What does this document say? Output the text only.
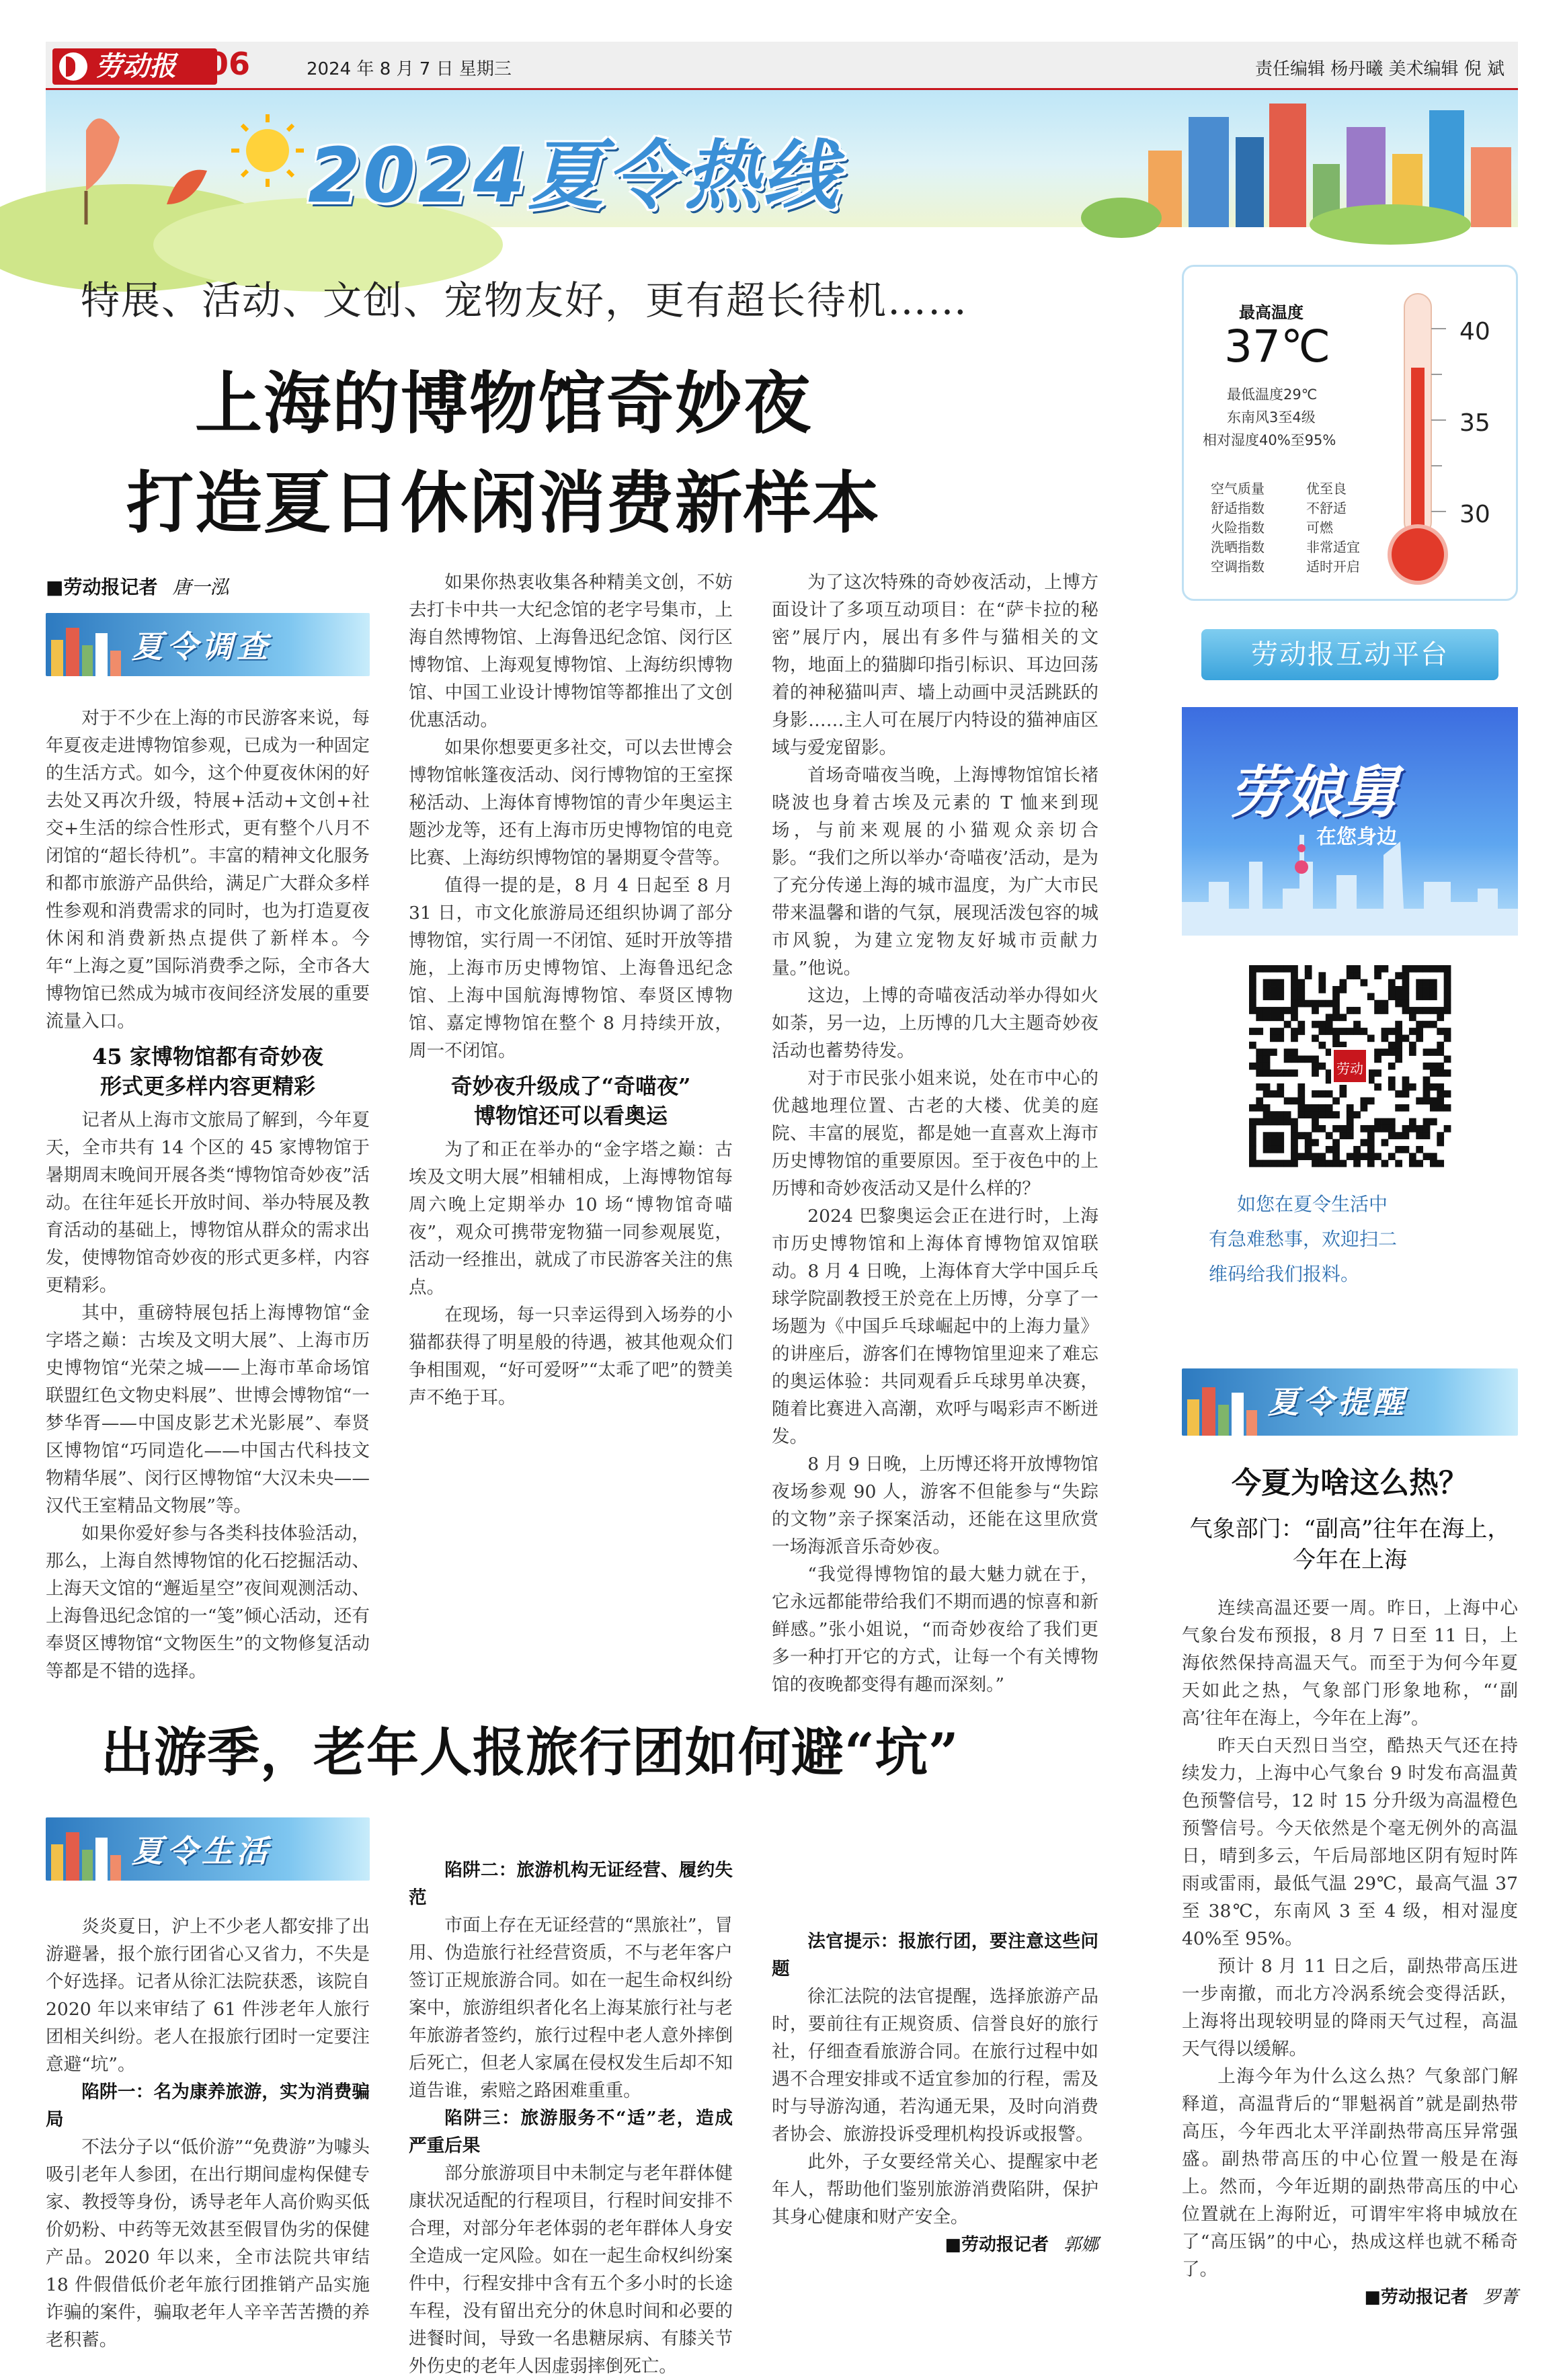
劳动报	06	2024 年 8 月 7 日 星期三	责任编辑 杨丹曦 美术编辑 倪 斌
2024夏令热线
特展、活动、文创、宠物友好，更有超长待机……
上海的博物馆奇妙夜
打造夏日休闲消费新样本
■劳动报记者 唐一泓
夏令调查

对于不少在上海的市民游客来说，每年夏夜走进博物馆参观，已成为一种固定的生活方式。如今，这个仲夏夜休闲的好去处又再次升级，特展+活动+文创+社交+生活的综合性形式，更有整个八月不闭馆的“超长待机”。丰富的精神文化服务和都市旅游产品供给，满足广大群众多样性参观和消费需求的同时，也为打造夏夜休闲和消费新热点提供了新样本。今年“上海之夏”国际消费季之际，全市各大博物馆已然成为城市夜间经济发展的重要流量入口。

45 家博物馆都有奇妙夜
形式更多样内容更精彩

记者从上海市文旅局了解到，今年夏天，全市共有 14 个区的 45 家博物馆于暑期周末晚间开展各类“博物馆奇妙夜”活动。在往年延长开放时间、举办特展及教育活动的基础上，博物馆从群众的需求出发，使博物馆奇妙夜的形式更多样，内容更精彩。

其中，重磅特展包括上海博物馆“金字塔之巅：古埃及文明大展”、上海市历史博物馆“光荣之城——上海市革命场馆联盟红色文物史料展”、世博会博物馆“一梦华胥——中国皮影艺术光影展”、奉贤区博物馆“巧同造化——中国古代科技文物精华展”、闵行区博物馆“大汉未央——汉代王室精品文物展”等。

如果你爱好参与各类科技体验活动，那么，上海自然博物馆的化石挖掘活动、上海天文馆的“邂逅星空”夜间观测活动、上海鲁迅纪念馆的一“笺”倾心活动，还有奉贤区博物馆“文物医生”的文物修复活动等都是不错的选择。

如果你热衷收集各种精美文创，不妨去打卡中共一大纪念馆的老字号集市，上海自然博物馆、上海鲁迅纪念馆、闵行区博物馆、上海观复博物馆、上海纺织博物馆、中国工业设计博物馆等都推出了文创优惠活动。

如果你想要更多社交，可以去世博会博物馆帐篷夜活动、闵行博物馆的王室探秘活动、上海体育博物馆的青少年奥运主题沙龙等，还有上海市历史博物馆的电竞比赛、上海纺织博物馆的暑期夏令营等。

值得一提的是，8 月 4 日起至 8 月 31 日，市文化旅游局还组织协调了部分博物馆，实行周一不闭馆、延时开放等措施，上海市历史博物馆、上海鲁迅纪念馆、上海中国航海博物馆、奉贤区博物馆、嘉定博物馆在整个 8 月持续开放，周一不闭馆。

奇妙夜升级成了“奇喵夜”
博物馆还可以看奥运

为了和正在举办的“金字塔之巅：古埃及文明大展”相辅相成，上海博物馆每周六晚上定期举办 10 场“博物馆奇喵夜”，观众可携带宠物猫一同参观展览，活动一经推出，就成了市民游客关注的焦点。

在现场，每一只幸运得到入场券的小猫都获得了明星般的待遇，被其他观众们争相围观，“好可爱呀”“太乖了吧”的赞美声不绝于耳。

为了这次特殊的奇妙夜活动，上博方面设计了多项互动项目：在“萨卡拉的秘密”展厅内，展出有多件与猫相关的文物，地面上的猫脚印指引标识、耳边回荡着的神秘猫叫声、墙上动画中灵活跳跃的身影……主人可在展厅内特设的猫神庙区域与爱宠留影。

首场奇喵夜当晚，上海博物馆馆长褚晓波也身着古埃及元素的 T 恤来到现场，与前来观展的小猫观众亲切合影。“我们之所以举办‘奇喵夜’活动，是为了充分传递上海的城市温度，为广大市民带来温馨和谐的气氛，展现活泼包容的城市风貌，为建立宠物友好城市贡献力量。”他说。

这边，上博的奇喵夜活动举办得如火如荼，另一边，上历博的几大主题奇妙夜活动也蓄势待发。

对于市民张小姐来说，处在市中心的优越地理位置、古老的大楼、优美的庭院、丰富的展览，都是她一直喜欢上海市历史博物馆的重要原因。至于夜色中的上历博和奇妙夜活动又是什么样的？

2024 巴黎奥运会正在进行时，上海市历史博物馆和上海体育博物馆双馆联动。8 月 4 日晚，上海体育大学中国乒乓球学院副教授王於竞在上历博，分享了一场题为《中国乒乓球崛起中的上海力量》的讲座后，游客们在博物馆里迎来了难忘的奥运体验：共同观看乒乓球男单决赛，随着比赛进入高潮，欢呼与喝彩声不断迸发。

8 月 9 日晚，上历博还将开放博物馆夜场参观 90 人，游客不但能参与“失踪的文物”亲子探案活动，还能在这里欣赏一场海派音乐奇妙夜。

“我觉得博物馆的最大魅力就在于，它永远都能带给我们不期而遇的惊喜和新鲜感。”张小姐说，“而奇妙夜给了我们更多一种打开它的方式，让每一个有关博物馆的夜晚都变得有趣而深刻。”

最高温度
37℃
最低温度29℃
东南风3至4级
相对湿度40%至95%
空气质量	优至良
舒适指数	不舒适
火险指数	可燃
洗晒指数	非常适宜
空调指数	适时开启
40
35
30
劳动报互动平台
劳娘舅
在您身边
劳动
如您在夏令生活中
有急难愁事，欢迎扫二
维码给我们报料。
夏令提醒
今夏为啥这么热？
气象部门：“副高”往年在海上，
今年在上海

连续高温还要一周。昨日，上海中心气象台发布预报，8 月 7 日至 11 日，上海依然保持高温天气。而至于为何今年夏天如此之热，气象部门形象地称，“‘副高’往年在海上，今年在上海”。

昨天白天烈日当空，酷热天气还在持续发力，上海中心气象台 9 时发布高温黄色预警信号，12 时 15 分升级为高温橙色预警信号。今天依然是个毫无例外的高温日，晴到多云，午后局部地区阴有短时阵雨或雷雨，最低气温 29℃，最高气温 37 至 38℃，东南风 3 至 4 级，相对湿度 40%至 95%。

预计 8 月 11 日之后，副热带高压进一步南撤，而北方冷涡系统会变得活跃，上海将出现较明显的降雨天气过程，高温天气得以缓解。

上海今年为什么这么热？气象部门解释道，高温背后的“罪魁祸首”就是副热带高压，今年西北太平洋副热带高压异常强盛。副热带高压的中心位置一般是在海上。然而，今年近期的副热带高压的中心位置就在上海附近，可谓牢牢将申城放在了“高压锅”的中心，热成这样也就不稀奇了。

■劳动报记者 罗菁
出游季，老年人报旅行团如何避“坑”
夏令生活

炎炎夏日，沪上不少老人都安排了出游避暑，报个旅行团省心又省力，不失是个好选择。记者从徐汇法院获悉，该院自 2020 年以来审结了 61 件涉老年人旅行团相关纠纷。老人在报旅行团时一定要注意避“坑”。

陷阱一：名为康养旅游，实为消费骗局

不法分子以“低价游”“免费游”为噱头吸引老年人参团，在出行期间虚构保健专家、教授等身份，诱导老年人高价购买低价奶粉、中药等无效甚至假冒伪劣的保健产品。2020 年以来，全市法院共审结 18 件假借低价老年旅行团推销产品实施诈骗的案件，骗取老年人辛辛苦苦攒的养老积蓄。

陷阱二：旅游机构无证经营、履约失范

市面上存在无证经营的“黑旅社”，冒用、伪造旅行社经营资质，不与老年客户签订正规旅游合同。如在一起生命权纠纷案中，旅游组织者化名上海某旅行社与老年旅游者签约，旅行过程中老人意外摔倒后死亡，但老人家属在侵权发生后却不知道告谁，索赔之路困难重重。

陷阱三：旅游服务不“适”老，造成严重后果

部分旅游项目中未制定与老年群体健康状况适配的行程项目，行程时间安排不合理，对部分年老体弱的老年群体人身安全造成一定风险。如在一起生命权纠纷案件中，行程安排中含有五个多小时的长途车程，没有留出充分的休息时间和必要的进餐时间，导致一名患糖尿病、有膝关节外伤史的老年人因虚弱摔倒死亡。

法官提示：报旅行团，要注意这些问题

徐汇法院的法官提醒，选择旅游产品时，要前往有正规资质、信誉良好的旅行社，仔细查看旅游合同。在旅行过程中如遇不合理安排或不适宜参加的行程，需及时与导游沟通，若沟通无果，及时向消费者协会、旅游投诉受理机构投诉或报警。

此外，子女要经常关心、提醒家中老年人，帮助他们鉴别旅游消费陷阱，保护其身心健康和财产安全。

■劳动报记者 郭娜
